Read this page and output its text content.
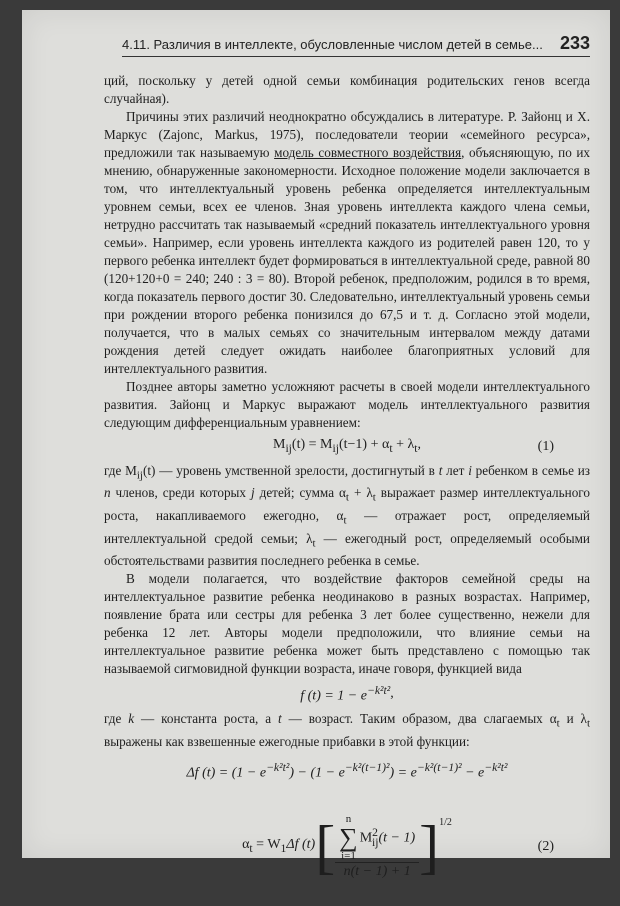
4.11. Различия в интеллекте, обусловленные числом детей в семье... 233

ций, поскольку у детей одной семьи комбинация родительских генов всегда случайная).

Причины этих различий неоднократно обсуждались в литературе. Р. Зайонц и Х. Маркус (Zajonc, Markus, 1975), последователи теории «семейного ресурса», предложили так называемую модель совместного воздействия, объясняющую, по их мнению, обнаруженные закономерности. Исходное положение модели заключается в том, что интеллектуальный уровень ребенка определяется интеллектуальным уровнем семьи, всех ее членов. Зная уровень интеллекта каждого члена семьи, нетрудно рассчитать так называемый «средний показатель интеллектуального уровня семьи». Например, если уровень интеллекта каждого из родителей равен 120, то у первого ребенка интеллект будет формироваться в интеллектуальной среде, равной 80 (120+120+0 = 240; 240 : 3 = 80). Второй ребенок, предположим, родился в то время, когда показатель первого достиг 30. Следовательно, интеллектуальный уровень семьи при рождении второго ребенка понизился до 67,5 и т. д. Согласно этой модели, получается, что в малых семьях со значительным интервалом между датами рождения детей следует ожидать наиболее благоприятных условий для интеллектуального развития.

Позднее авторы заметно усложняют расчеты в своей модели интеллектуального развития. Зайонц и Маркус выражают модель интеллектуального развития следующим дифференциальным уравнением:

$M_{ij}(t) = M_{ij}(t-1) + \alpha_t + \lambda_t$,	(1)

где $M_{ij}(t)$ — уровень умственной зрелости, достигнутый в t лет i ребенком в семье из n членов, среди которых j детей; сумма $\alpha_t + \lambda_t$ выражает размер интеллектуального роста, накапливаемого ежегодно, $\alpha_t$ — отражает рост, определяемый интеллектуальной средой семьи; $\lambda_t$ — ежегодный рост, определяемый особыми обстоятельствами развития последнего ребенка в семье.

В модели полагается, что воздействие факторов семейной среды на интеллектуальное развитие ребенка неодинаково в разных возрастах. Например, появление брата или сестры для ребенка 3 лет более существенно, нежели для ребенка 12 лет. Авторы модели предположили, что влияние семьи на интеллектуальное развитие ребенка может быть представлено с помощью так называемой сигмовидной функции возраста, иначе говоря, функцией вида

f $(t) = 1 - e^{-k^2t^2}$ ,

где k — константа роста, а t — возраст. Таким образом, два слагаемых $\alpha_t$ и $\lambda_t$ выражены как взвешенные ежегодные прибавки в этой функции:

Δf $(t) = (1 - e^{-k^2t^2}) - (1 - e^{-k^2(t-1)^2}) = e^{-k^2(t-1)^2} - e^{-k^2t^2}$
$\alpha_t = W_1\Delta f$ (t) [ n
∑
i=1
$M^2_{ij}(t - 1)$
n(t − 1) + 1 ]$^{1/2}$
(2)
